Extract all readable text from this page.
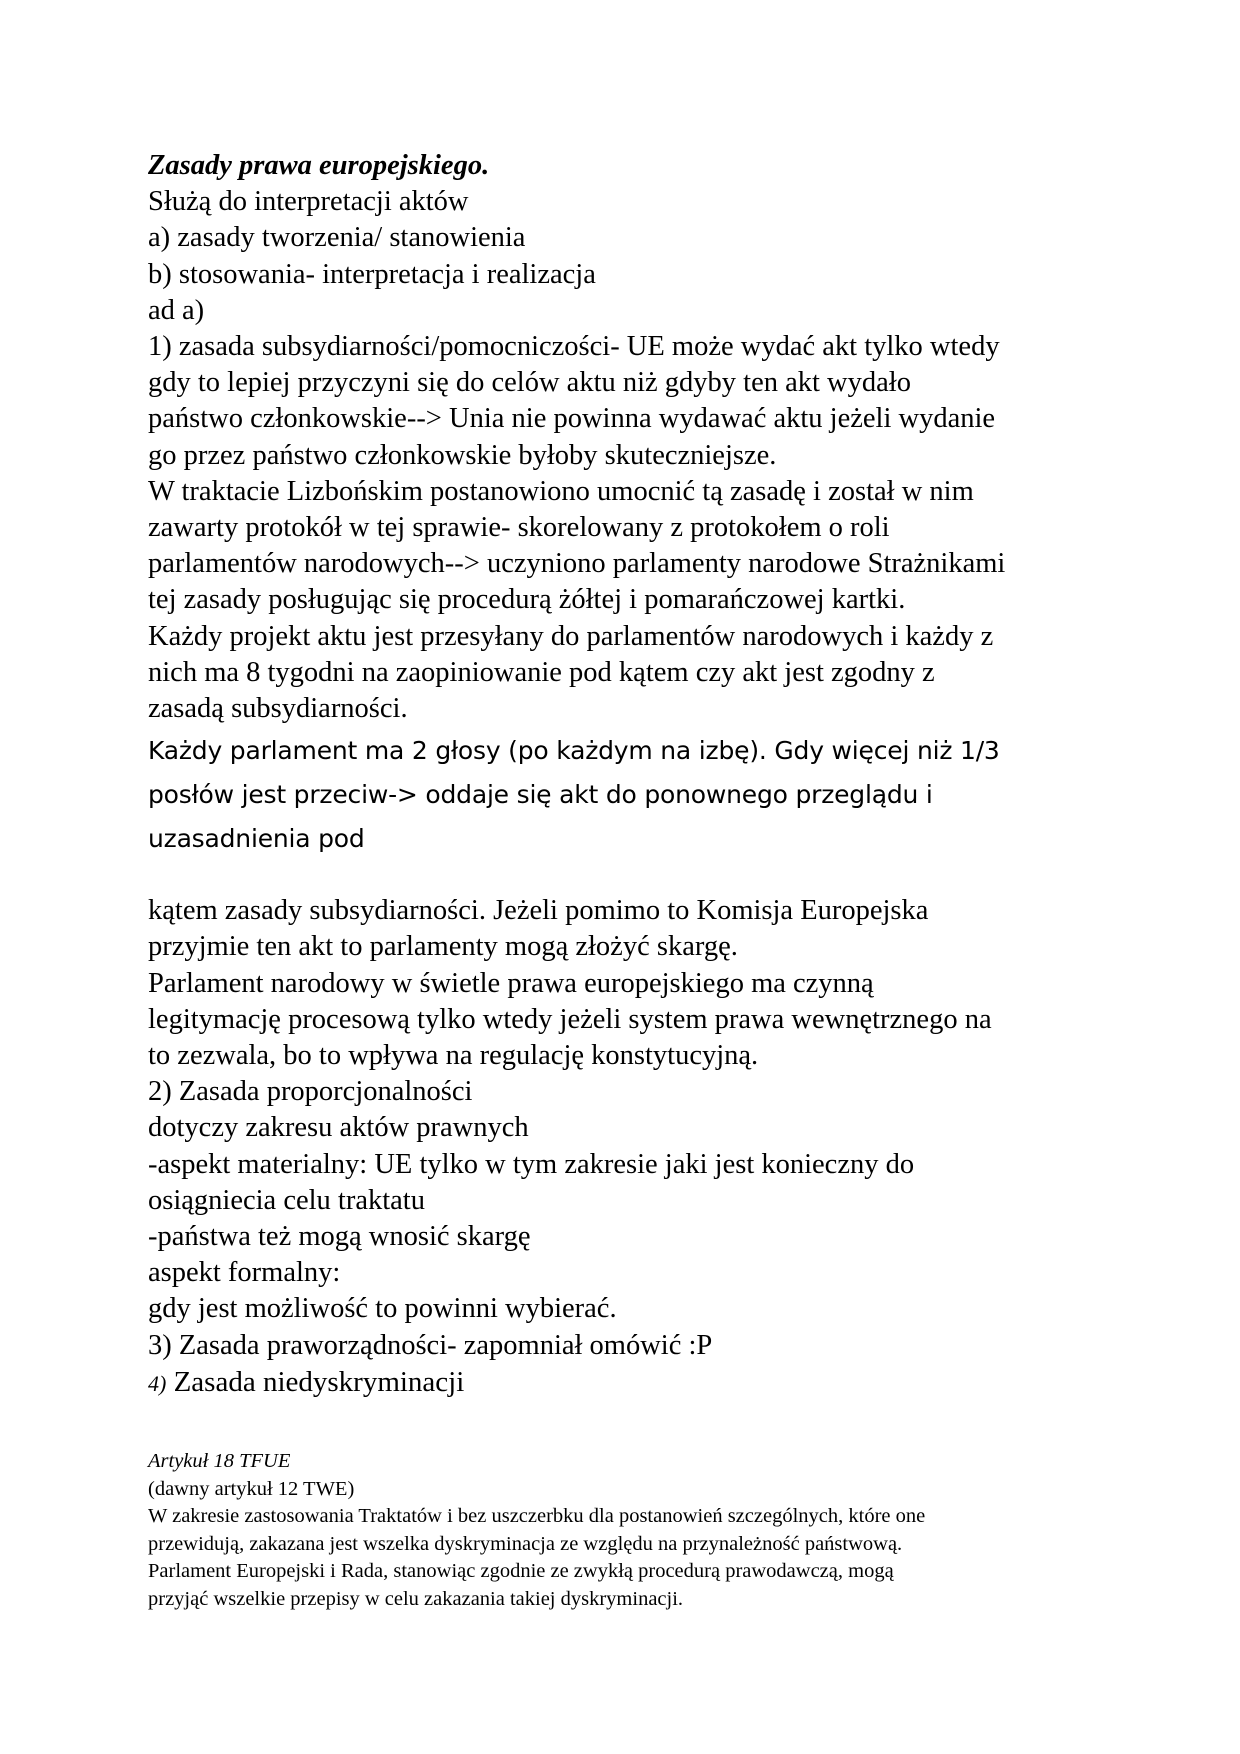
Zasady prawa europejskiego.

Służą do interpretacji aktów

a) zasady tworzenia/ stanowienia

b) stosowania- interpretacja i realizacja

ad a)

1) zasada subsydiarności/pomocniczości- UE może wydać akt tylko wtedy

gdy to lepiej przyczyni się do celów aktu niż gdyby ten akt wydało

państwo członkowskie--> Unia nie powinna wydawać aktu jeżeli wydanie

go przez państwo członkowskie byłoby skuteczniejsze.

W traktacie Lizbońskim postanowiono umocnić tą zasadę i został w nim

zawarty protokół w tej sprawie- skorelowany z protokołem o roli

parlamentów narodowych--> uczyniono parlamenty narodowe Strażnikami

tej zasady posługując się procedurą żółtej i pomarańczowej kartki.

Każdy projekt aktu jest przesyłany do parlamentów narodowych i każdy z

nich ma 8 tygodni na zaopiniowanie pod kątem czy akt jest zgodny z

zasadą subsydiarności.

Każdy parlament ma 2 głosy (po każdym na izbę). Gdy więcej niż 1/3

posłów jest przeciw-> oddaje się akt do ponownego przeglądu i

uzasadnienia pod

kątem zasady subsydiarności. Jeżeli pomimo to Komisja Europejska

przyjmie ten akt to parlamenty mogą złożyć skargę.

Parlament narodowy w świetle prawa europejskiego ma czynną

legitymację procesową tylko wtedy jeżeli system prawa wewnętrznego na

to zezwala, bo to wpływa na regulację konstytucyjną.

2) Zasada proporcjonalności

dotyczy zakresu aktów prawnych

-aspekt materialny: UE tylko w tym zakresie jaki jest konieczny do

osiągniecia celu traktatu

-państwa też mogą wnosić skargę

aspekt formalny:

gdy jest możliwość to powinni wybierać.

3) Zasada praworządności- zapomniał omówić :P

4) Zasada niedyskryminacji

Artykuł 18 TFUE

(dawny artykuł 12 TWE)

W zakresie zastosowania Traktatów i bez uszczerbku dla postanowień szczególnych, które one

przewidują, zakazana jest wszelka dyskryminacja ze względu na przynależność państwową.

Parlament Europejski i Rada, stanowiąc zgodnie ze zwykłą procedurą prawodawczą, mogą

przyjąć wszelkie przepisy w celu zakazania takiej dyskryminacji.
